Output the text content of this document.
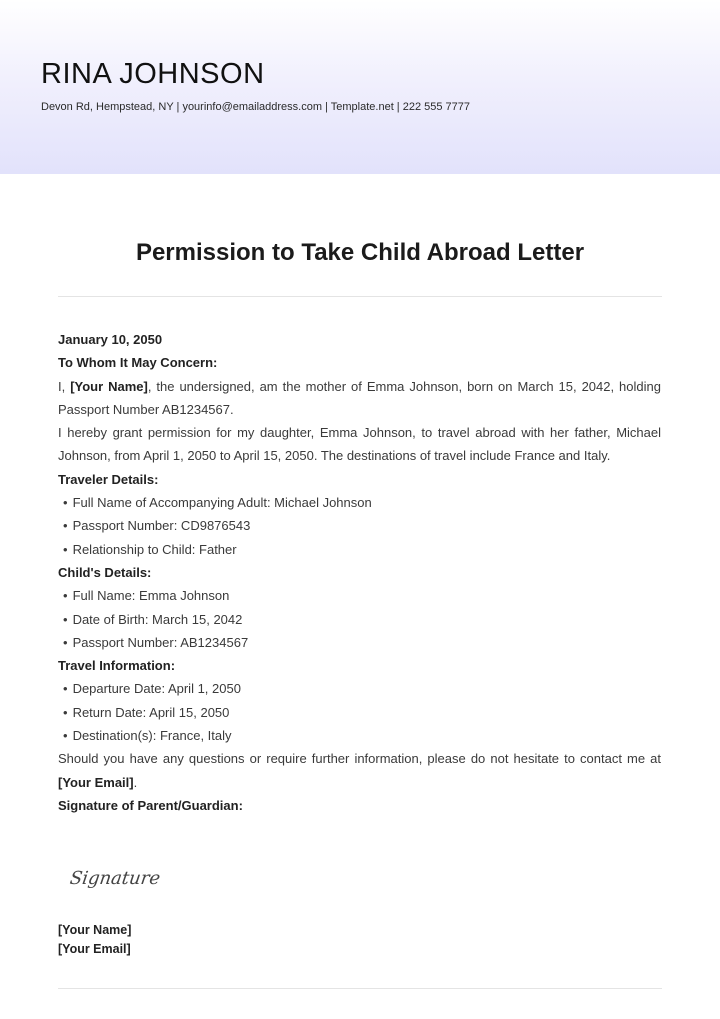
RINA JOHNSON
Devon Rd, Hempstead, NY | yourinfo@emailaddress.com | Template.net | 222 555 7777
Permission to Take Child Abroad Letter

January 10, 2050

To Whom It May Concern:

I, [Your Name], the undersigned, am the mother of Emma Johnson, born on March 15, 2042, holding Passport Number AB1234567.

I hereby grant permission for my daughter, Emma Johnson, to travel abroad with her father, Michael Johnson, from April 1, 2050 to April 15, 2050. The destinations of travel include France and Italy.

Traveler Details:

• Full Name of Accompanying Adult: Michael Johnson

• Passport Number: CD9876543

• Relationship to Child: Father

Child's Details:

• Full Name: Emma Johnson

• Date of Birth: March 15, 2042

• Passport Number: AB1234567

Travel Information:

• Departure Date: April 1, 2050

• Return Date: April 15, 2050

• Destination(s): France, Italy

Should you have any questions or require further information, please do not hesitate to contact me at [Your Email].

Signature of Parent/Guardian:

Signature
[Your Name]
[Your Email]
